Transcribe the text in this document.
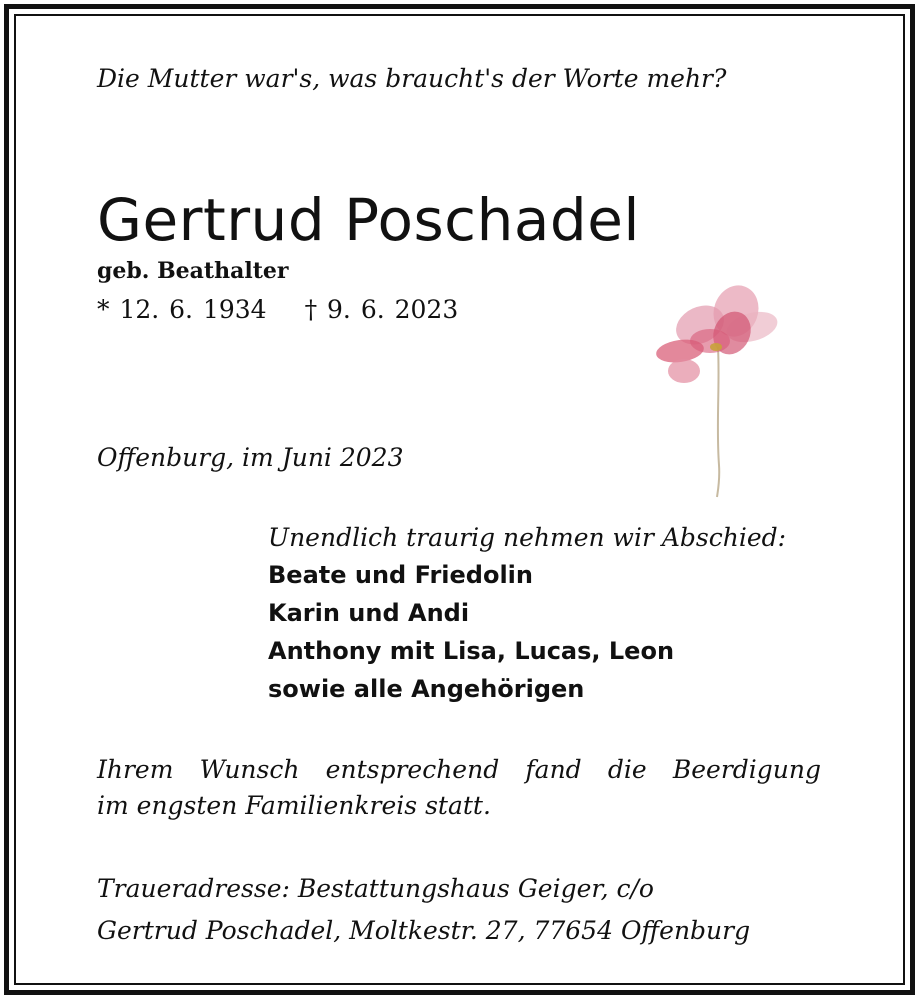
Die Mutter war's, was braucht's der Worte mehr?

Gertrud Poschadel

geb. Beathalter

* 12. 6. 1934 † 9. 6. 2023

Offenburg, im Juni 2023

Unendlich traurig nehmen wir Abschied:

Beate und Friedolin
Karin und Andi
Anthony mit Lisa, Lucas, Leon
sowie alle Angehörigen
Ihrem Wunsch entsprechend fand die Beerdigung
im engsten Familienkreis statt.
Traueradresse: Bestattungshaus Geiger, c/o
Gertrud Poschadel, Moltkestr. 27, 77654 Offenburg
